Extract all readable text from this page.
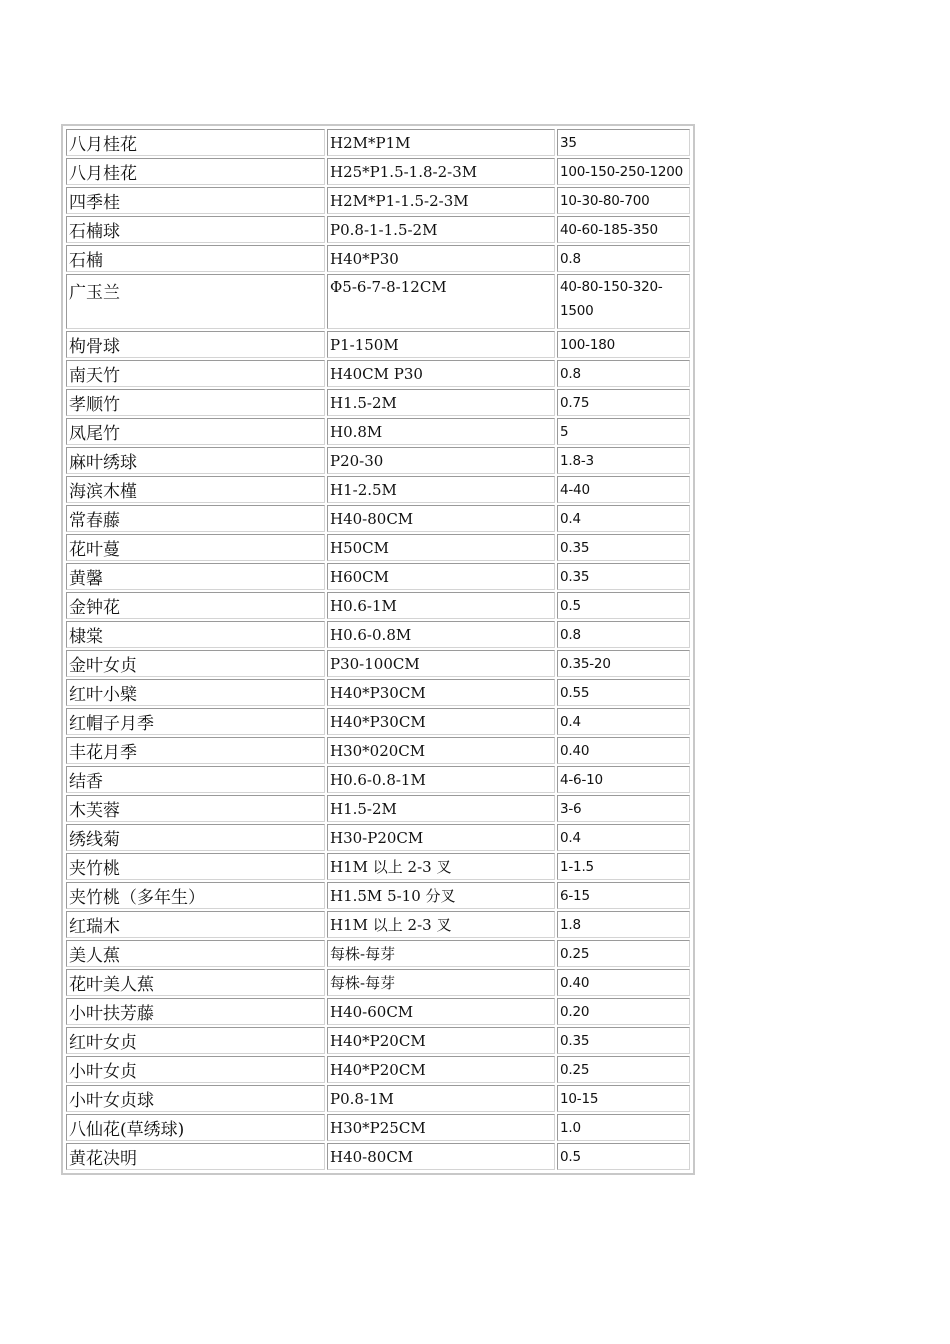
八月桂花	H2M*P1M	35
八月桂花	H25*P1.5-1.8-2-3M	100-150-250-1200
四季桂	H2M*P1-1.5-2-3M	10-30-80-700
石楠球	P0.8-1-1.5-2M	40-60-185-350
石楠	H40*P30	0.8
广玉兰	Φ5-6-7-8-12CM	40-80-150-320-1500
枸骨球	P1-150M	100-180
南天竹	H40CM P30	0.8
孝顺竹	H1.5-2M	0.75
凤尾竹	H0.8M	5
麻叶绣球	P20-30	1.8-3
海滨木槿	H1-2.5M	4-40
常春藤	H40-80CM	0.4
花叶蔓	H50CM	0.35
黄馨	H60CM	0.35
金钟花	H0.6-1M	0.5
棣棠	H0.6-0.8M	0.8
金叶女贞	P30-100CM	0.35-20
红叶小檗	H40*P30CM	0.55
红帽子月季	H40*P30CM	0.4
丰花月季	H30*020CM	0.40
结香	H0.6-0.8-1M	4-6-10
木芙蓉	H1.5-2M	3-6
绣线菊	H30-P20CM	0.4
夹竹桃	H1M 以上 2-3 叉	1-1.5
夹竹桃（多年生）	H1.5M 5-10 分叉	6-15
红瑞木	H1M 以上 2-3 叉	1.8
美人蕉	每株-每芽	0.25
花叶美人蕉	每株-每芽	0.40
小叶扶芳藤	H40-60CM	0.20
红叶女贞	H40*P20CM	0.35
小叶女贞	H40*P20CM	0.25
小叶女贞球	P0.8-1M	10-15
八仙花(草绣球)	H30*P25CM	1.0
黄花决明	H40-80CM	0.5
